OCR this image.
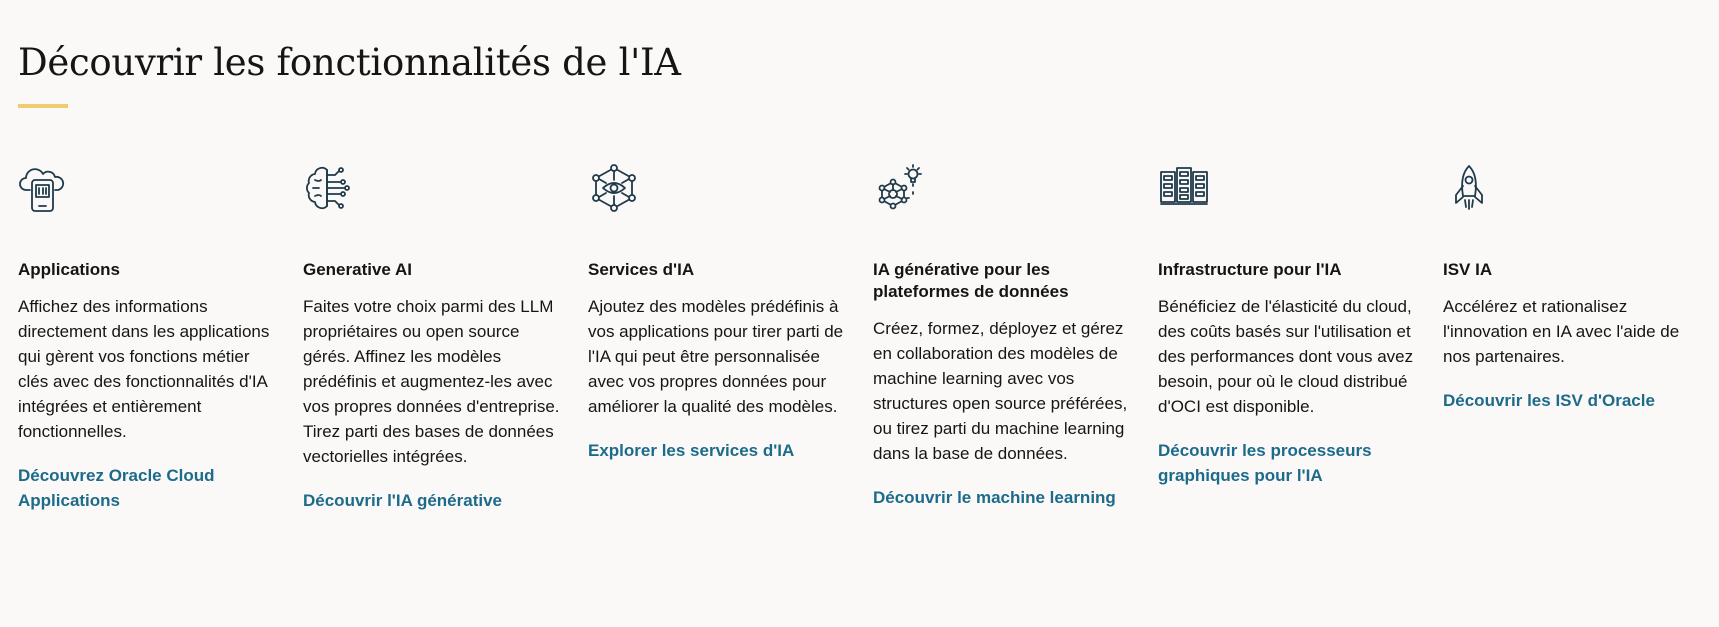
Découvrir les fonctionnalités de l'IA
Applications

Affichez des informations directement dans les applications qui gèrent vos fonctions métier clés avec des fonctionnalités d'IA intégrées et entièrement fonctionnelles.

Découvrez Oracle Cloud Applications
Generative AI

Faites votre choix parmi des LLM propriétaires ou open source gérés. Affinez les modèles prédéfinis et augmentez-les avec vos propres données d'entreprise. Tirez parti des bases de données vectorielles intégrées.

Découvrir l'IA générative
Services d'IA

Ajoutez des modèles prédéfinis à vos applications pour tirer parti de l'IA qui peut être personnalisée avec vos propres données pour améliorer la qualité des modèles.

Explorer les services d'IA
IA générative pour les plateformes de données

Créez, formez, déployez et gérez en collaboration des modèles de machine learning avec vos structures open source préférées, ou tirez parti du machine learning dans la base de données.

Découvrir le machine learning
Infrastructure pour l'IA

Bénéficiez de l'élasticité du cloud, des coûts basés sur l'utilisation et des performances dont vous avez besoin, pour où le cloud distribué d'OCI est disponible.

Découvrir les processeurs graphiques pour l'IA
ISV IA

Accélérez et rationalisez l'innovation en IA avec l'aide de nos partenaires.

Découvrir les ISV d'Oracle
